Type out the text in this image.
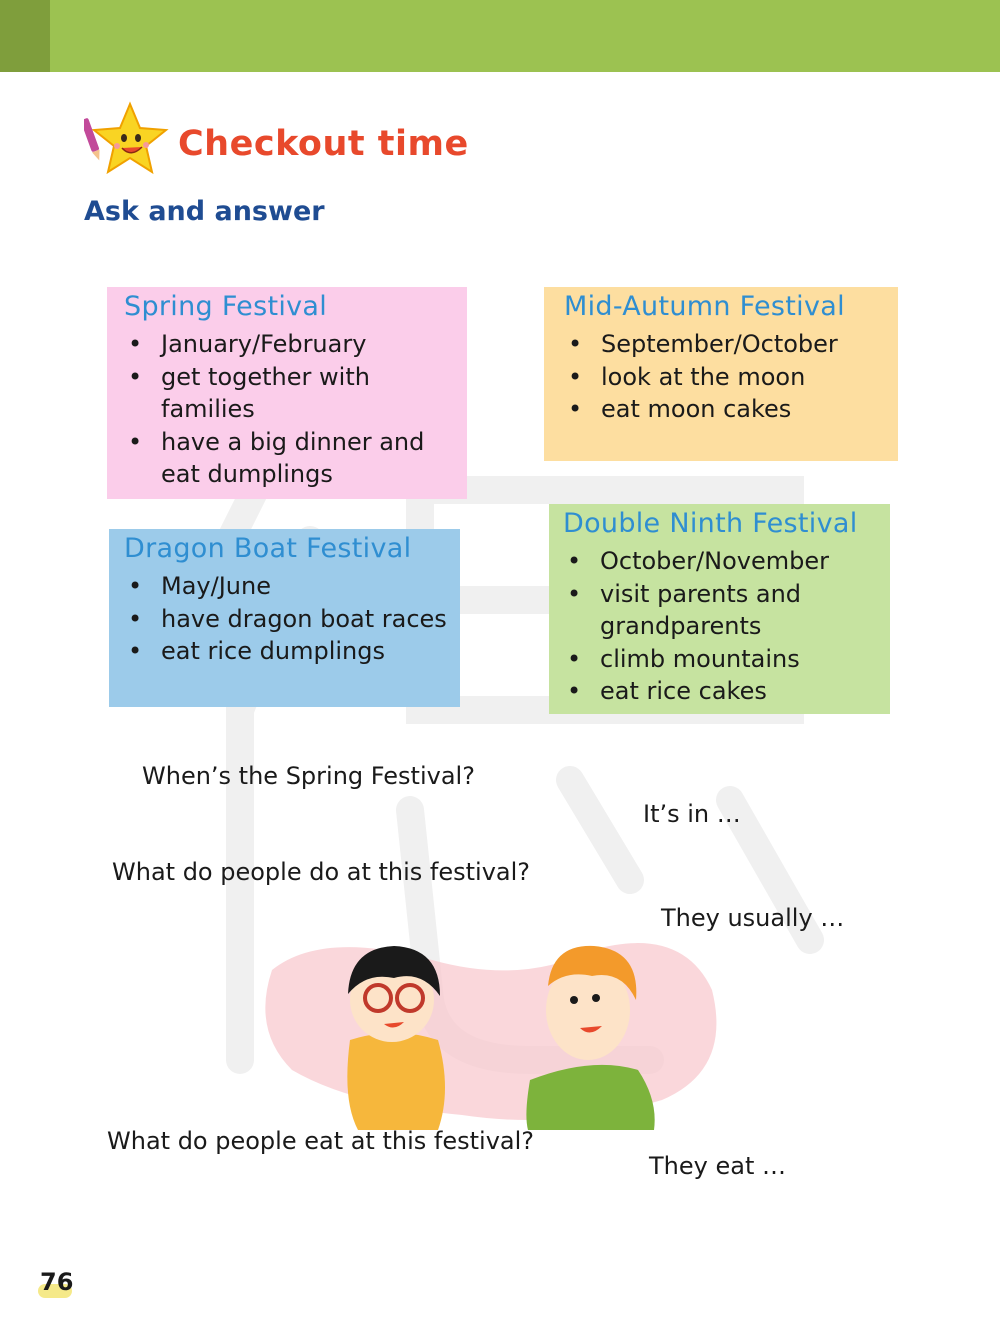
Checkout time
Ask and answer
Spring Festival
• January/February
• get together with families
• have a big dinner and eat dumplings
Mid-Autumn Festival
• September/October
• look at the moon
• eat moon cakes
Dragon Boat Festival
• May/June
• have dragon boat races
• eat rice dumplings
Double Ninth Festival
• October/November
• visit parents and grandparents
• climb mountains
• eat rice cakes
When’s the Spring Festival?
It’s in …
What do people do at this festival?
They usually …
What do people eat at this festival?
They eat …
76
